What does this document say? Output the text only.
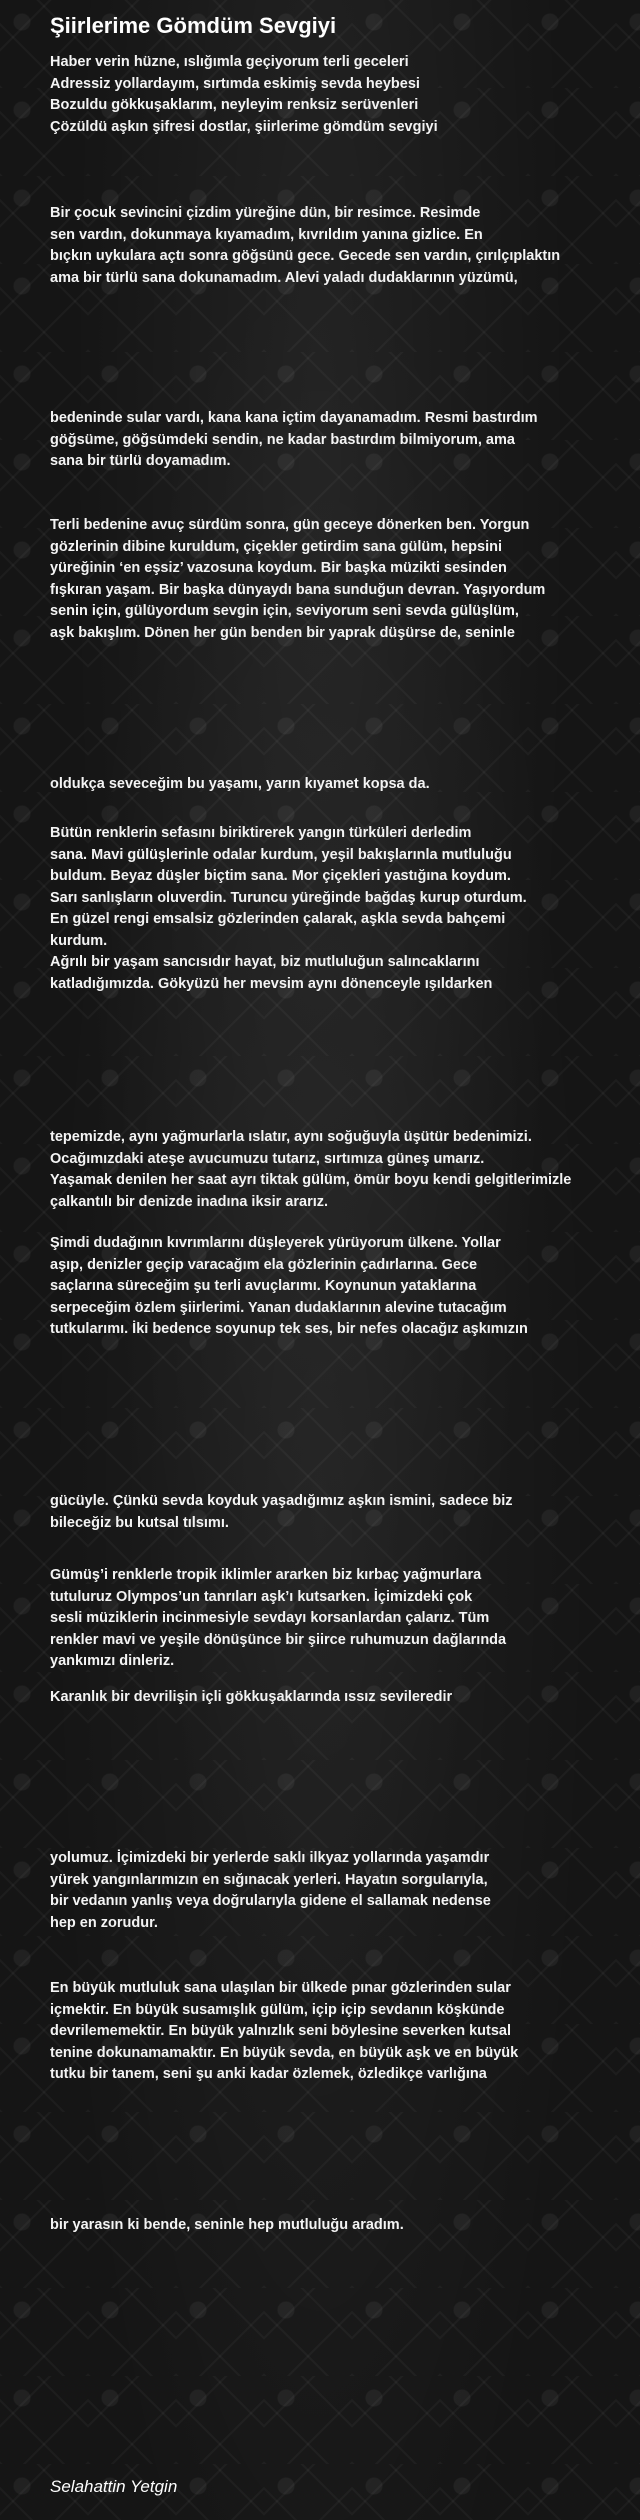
Şiirlerime Gömdüm Sevgiyi

Haber verin hüzne, ıslığımla geçiyorum terli geceleri
Adressiz yollardayım, sırtımda eskimiş sevda heybesi
Bozuldu gökkuşaklarım, neyleyim renksiz serüvenleri
Çözüldü aşkın şifresi dostlar, şiirlerime gömdüm sevgiyi

Bir çocuk sevincini çizdim yüreğine dün, bir resimce. Resimde
sen vardın, dokunmaya kıyamadım, kıvrıldım yanına gizlice. En
bıçkın uykulara açtı sonra göğsünü gece. Gecede sen vardın, çırılçıplaktın
ama bir türlü sana dokunamadım. Alevi yaladı dudaklarının yüzümü,

bedeninde sular vardı, kana kana içtim dayanamadım. Resmi bastırdım
göğsüme, göğsümdeki sendin, ne kadar bastırdım bilmiyorum, ama
sana bir türlü doyamadım.

Terli bedenine avuç sürdüm sonra, gün geceye dönerken ben. Yorgun
gözlerinin dibine kuruldum, çiçekler getirdim sana gülüm, hepsini
yüreğinin ‘en eşsiz’ vazosuna koydum. Bir başka müzikti sesinden
fışkıran yaşam. Bir başka dünyaydı bana sunduğun devran. Yaşıyordum
senin için, gülüyordum sevgin için, seviyorum seni sevda gülüşlüm,
aşk bakışlım. Dönen her gün benden bir yaprak düşürse de, seninle

oldukça seveceğim bu yaşamı, yarın kıyamet kopsa da.

Bütün renklerin sefasını biriktirerek yangın türküleri derledim
sana. Mavi gülüşlerinle odalar kurdum, yeşil bakışlarınla mutluluğu
buldum. Beyaz düşler biçtim sana. Mor çiçekleri yastığına koydum.
Sarı sanlışların oluverdin. Turuncu yüreğinde bağdaş kurup oturdum.
En güzel rengi emsalsiz gözlerinden çalarak, aşkla sevda bahçemi
kurdum.
Ağrılı bir yaşam sancısıdır hayat, biz mutluluğun salıncaklarını
katladığımızda. Gökyüzü her mevsim aynı dönenceyle ışıldarken

tepemizde, aynı yağmurlarla ıslatır, aynı soğuğuyla üşütür bedenimizi.
Ocağımızdaki ateşe avucumuzu tutarız, sırtımıza güneş umarız.
Yaşamak denilen her saat ayrı tiktak gülüm, ömür boyu kendi gelgitlerimizle
çalkantılı bir denizde inadına iksir ararız.

Şimdi dudağının kıvrımlarını düşleyerek yürüyorum ülkene. Yollar
aşıp, denizler geçip varacağım ela gözlerinin çadırlarına. Gece
saçlarına süreceğim şu terli avuçlarımı. Koynunun yataklarına
serpeceğim özlem şiirlerimi. Yanan dudaklarının alevine tutacağım
tutkularımı. İki bedence soyunup tek ses, bir nefes olacağız aşkımızın

gücüyle. Çünkü sevda koyduk yaşadığımız aşkın ismini, sadece biz
bileceğiz bu kutsal tılsımı.

Gümüş’i renklerle tropik iklimler ararken biz kırbaç yağmurlara
tutuluruz Olympos’un tanrıları aşk’ı kutsarken. İçimizdeki çok
sesli müziklerin incinmesiyle sevdayı korsanlardan çalarız. Tüm
renkler mavi ve yeşile dönüşünce bir şiirce ruhumuzun dağlarında
yankımızı dinleriz.

Karanlık bir devrilişin içli gökkuşaklarında ıssız sevileredir

yolumuz. İçimizdeki bir yerlerde saklı ilkyaz yollarında yaşamdır
yürek yangınlarımızın en sığınacak yerleri. Hayatın sorgularıyla,
bir vedanın yanlış veya doğrularıyla gidene el sallamak nedense
hep en zorudur.

En büyük mutluluk sana ulaşılan bir ülkede pınar gözlerinden sular
içmektir. En büyük susamışlık gülüm, içip içip sevdanın köşkünde
devrilememektir. En büyük yalnızlık seni böylesine severken kutsal
tenine dokunamamaktır. En büyük sevda, en büyük aşk ve en büyük
tutku bir tanem, seni şu anki kadar özlemek, özledikçe varlığına

bir yarasın ki bende, seninle hep mutluluğu aradım.

Selahattin Yetgin
